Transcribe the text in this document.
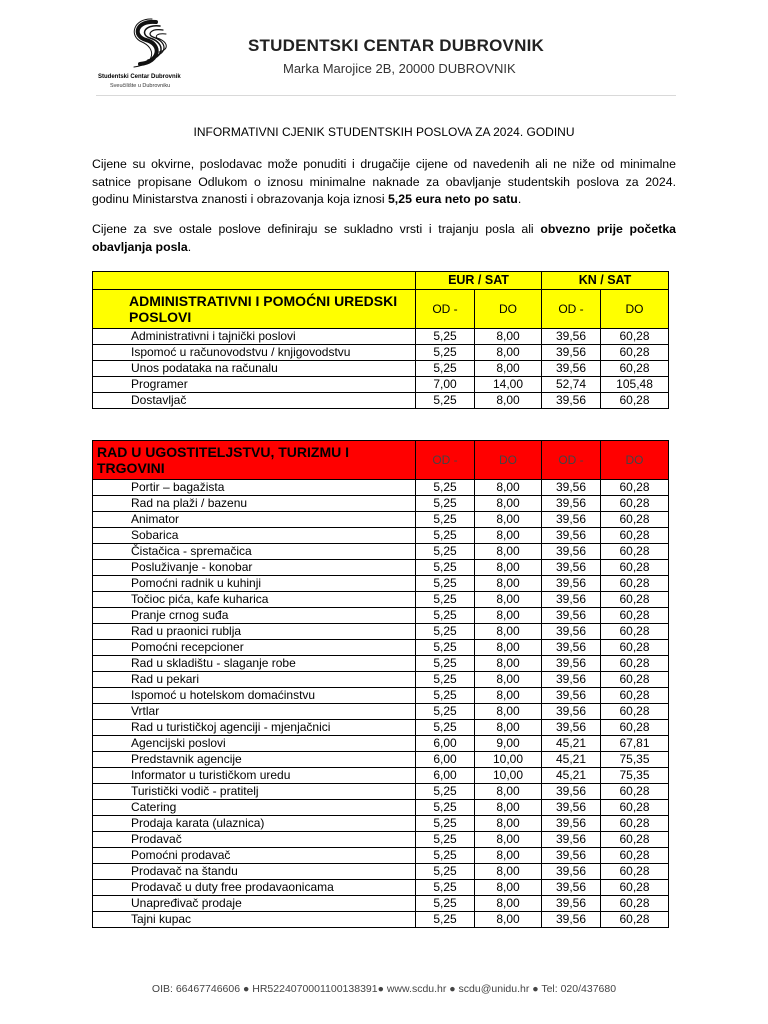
Studentski Centar Dubrovnik
Sveučilište u Dubrovniku
STUDENTSKI CENTAR DUBROVNIK
Marka Marojice 2B, 20000 DUBROVNIK
INFORMATIVNI CJENIK STUDENTSKIH POSLOVA ZA 2024. GODINU
Cijene su okvirne, poslodavac može ponuditi i drugačije cijene od navedenih ali ne niže od minimalne satnice propisane Odlukom o iznosu minimalne naknade za obavljanje studentskih poslova za 2024. godinu Ministarstva znanosti i obrazovanja koja iznosi 5,25 eura neto po satu.
Cijene za sve ostale poslove definiraju se sukladno vrsti i trajanju posla ali obvezno prije početka obavljanja posla.
	EUR / SAT		KN / SAT	
ADMINISTRATIVNI I POMOĆNI UREDSKI POSLOVI	OD -	DO	OD -	DO
Administrativni i tajnički poslovi	5,25	8,00	39,56	60,28
Ispomoć u računovodstvu / knjigovodstvu	5,25	8,00	39,56	60,28
Unos podataka na računalu	5,25	8,00	39,56	60,28
Programer	7,00	14,00	52,74	105,48
Dostavljač	5,25	8,00	39,56	60,28
RAD U UGOSTITELJSTVU, TURIZMU I TRGOVINI	OD -	DO	OD -	DO
Portir – bagažista	5,25	8,00	39,56	60,28
Rad na plaži / bazenu	5,25	8,00	39,56	60,28
Animator	5,25	8,00	39,56	60,28
Sobarica	5,25	8,00	39,56	60,28
Čistačica - spremačica	5,25	8,00	39,56	60,28
Posluživanje - konobar	5,25	8,00	39,56	60,28
Pomoćni radnik u kuhinji	5,25	8,00	39,56	60,28
Točioc pića, kafe kuharica	5,25	8,00	39,56	60,28
Pranje crnog suđa	5,25	8,00	39,56	60,28
Rad u praonici rublja	5,25	8,00	39,56	60,28
Pomoćni recepcioner	5,25	8,00	39,56	60,28
Rad u skladištu - slaganje robe	5,25	8,00	39,56	60,28
Rad u pekari	5,25	8,00	39,56	60,28
Ispomoć u hotelskom domaćinstvu	5,25	8,00	39,56	60,28
Vrtlar	5,25	8,00	39,56	60,28
Rad u turističkoj agenciji - mjenjačnici	5,25	8,00	39,56	60,28
Agencijski poslovi	6,00	9,00	45,21	67,81
Predstavnik agencije	6,00	10,00	45,21	75,35
Informator u turističkom uredu	6,00	10,00	45,21	75,35
Turistički vodič - pratitelj	5,25	8,00	39,56	60,28
Catering	5,25	8,00	39,56	60,28
Prodaja karata (ulaznica)	5,25	8,00	39,56	60,28
Prodavač	5,25	8,00	39,56	60,28
Pomoćni prodavač	5,25	8,00	39,56	60,28
Prodavač na štandu	5,25	8,00	39,56	60,28
Prodavač u duty free prodavaonicama	5,25	8,00	39,56	60,28
Unapređivač prodaje	5,25	8,00	39,56	60,28
Tajni kupac	5,25	8,00	39,56	60,28
OIB: 66467746606 ● HR5224070001100138391● www.scdu.hr ● scdu@unidu.hr ● Tel: 020/437680
